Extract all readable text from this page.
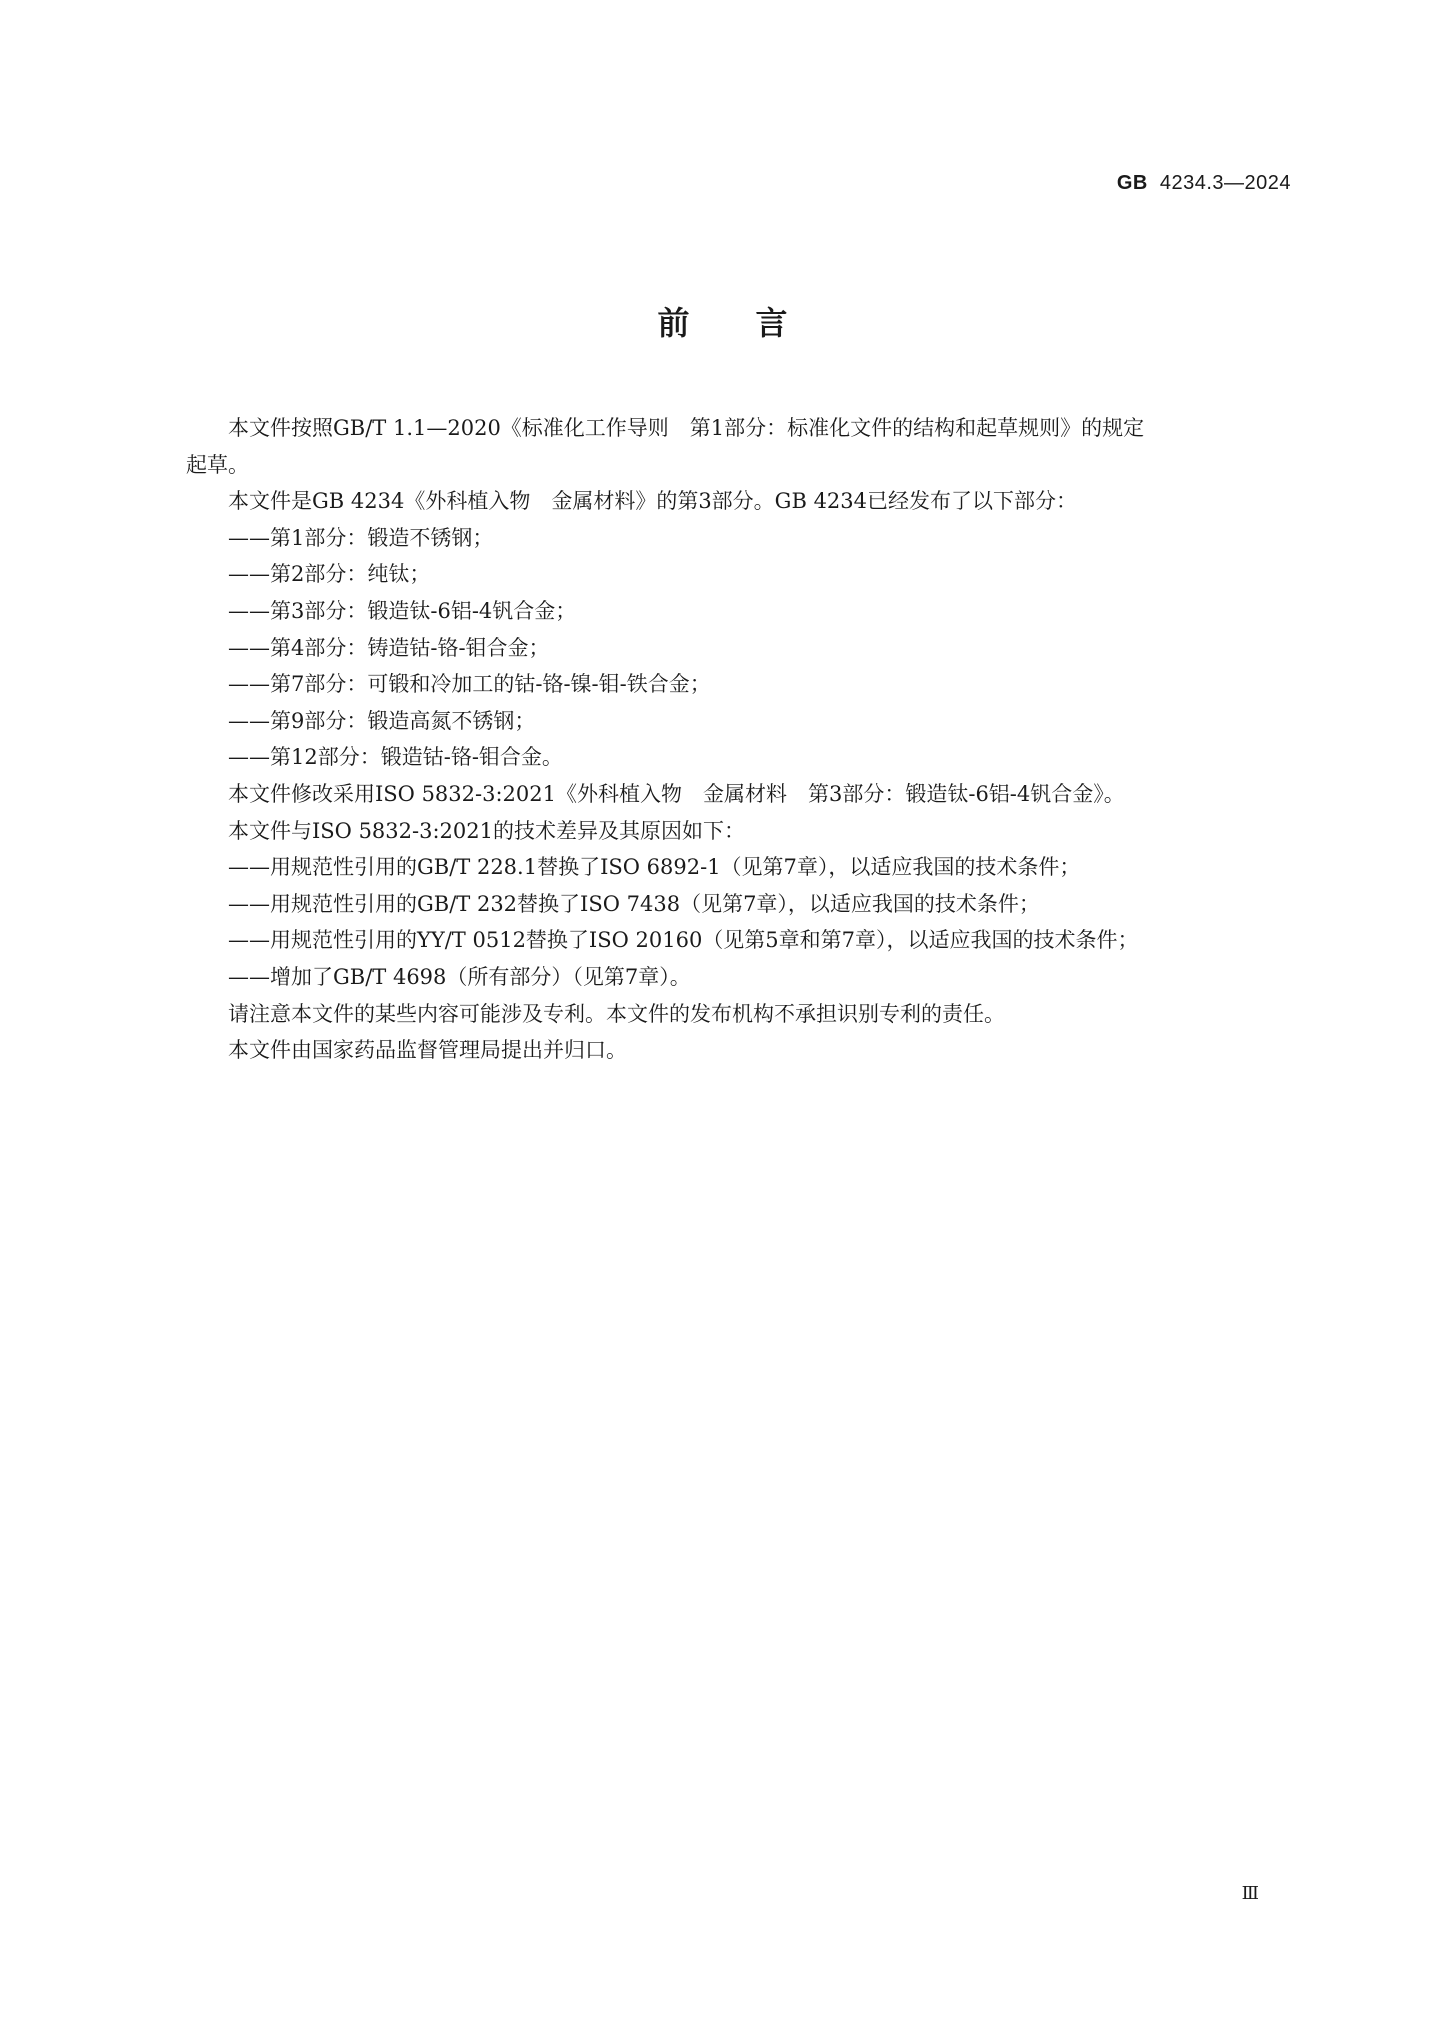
GB 4234.3—2024
前言

本文件按照GB/T 1.1—2020《标准化工作导则　第1部分：标准化文件的结构和起草规则》的规定

起草。

本文件是GB 4234《外科植入物　金属材料》的第3部分。GB 4234已经发布了以下部分：

——第1部分：锻造不锈钢；

——第2部分：纯钛；

——第3部分：锻造钛-6铝-4钒合金；

——第4部分：铸造钴-铬-钼合金；

——第7部分：可锻和冷加工的钴-铬-镍-钼-铁合金；

——第9部分：锻造高氮不锈钢；

——第12部分：锻造钴-铬-钼合金。

本文件修改采用ISO 5832-3:2021《外科植入物　金属材料　第3部分：锻造钛-6铝-4钒合金》。

本文件与ISO 5832-3:2021的技术差异及其原因如下：

——用规范性引用的GB/T 228.1替换了ISO 6892-1（见第7章），以适应我国的技术条件；

——用规范性引用的GB/T 232替换了ISO 7438（见第7章），以适应我国的技术条件；

——用规范性引用的YY/T 0512替换了ISO 20160（见第5章和第7章），以适应我国的技术条件；

——增加了GB/T 4698（所有部分）（见第7章）。

请注意本文件的某些内容可能涉及专利。本文件的发布机构不承担识别专利的责任。

本文件由国家药品监督管理局提出并归口。

Ⅲ
